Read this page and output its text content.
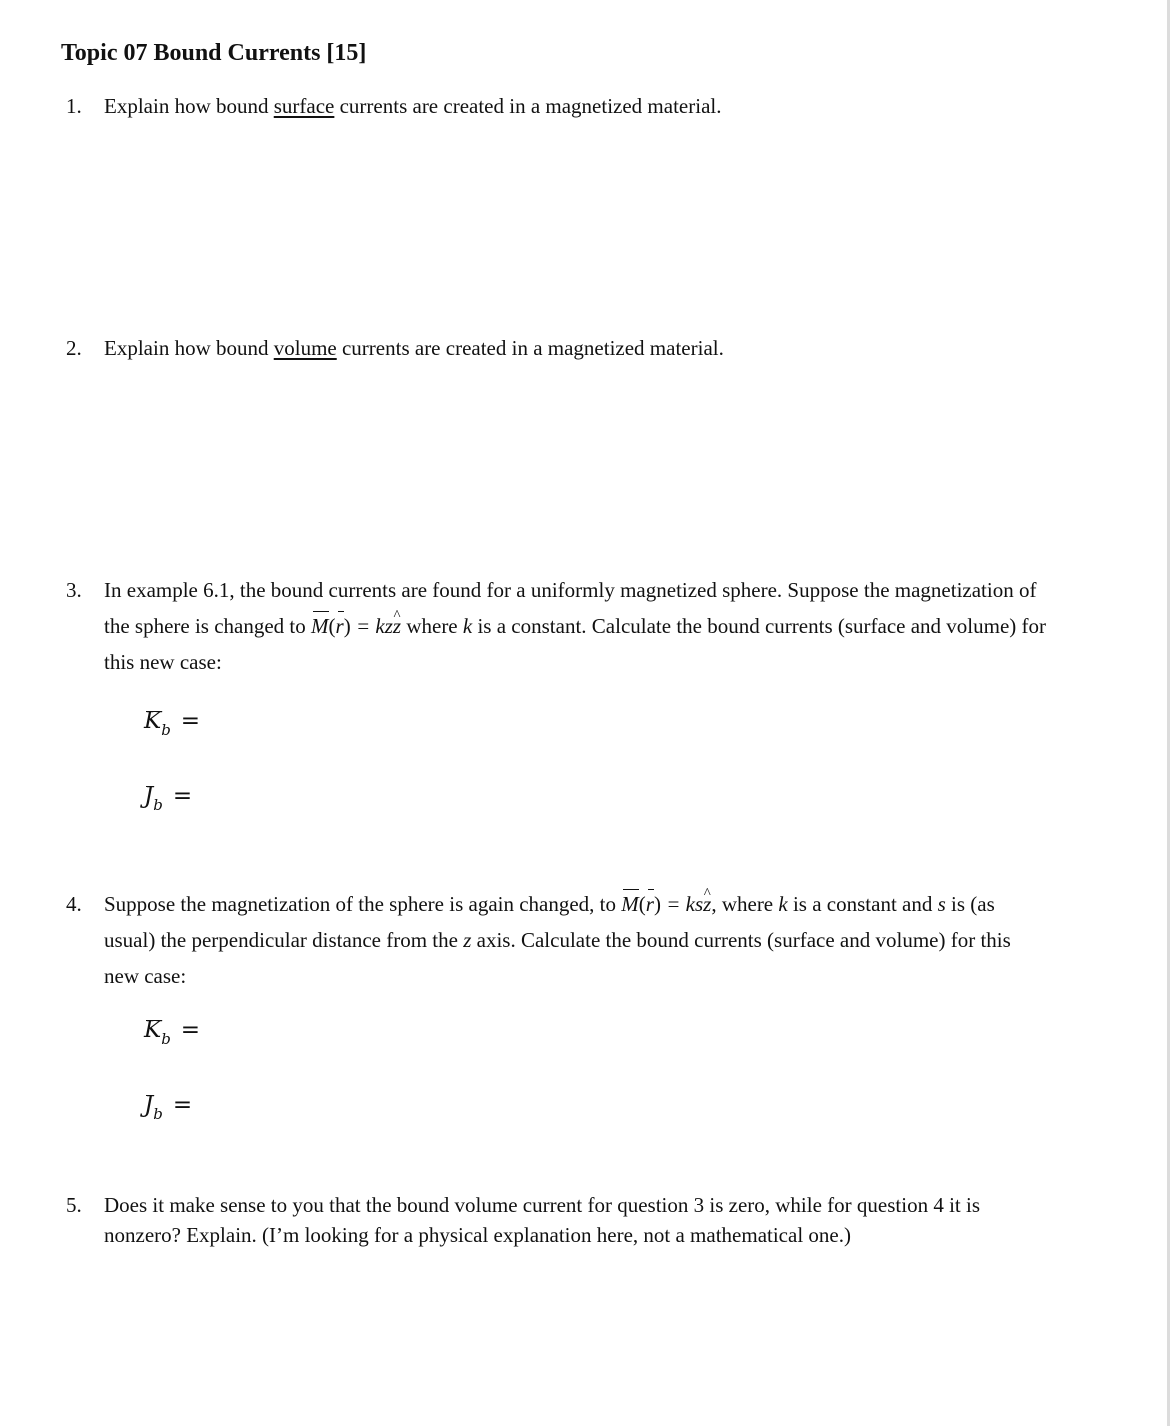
Topic 07 Bound Currents [15]
1. Explain how bound surface currents are created in a magnetized material.
2. Explain how bound volume currents are created in a magnetized material.
3. In example 6.1, the bound currents are found for a uniformly magnetized sphere. Suppose the magnetization of the sphere is changed to M(r) = kz^ z where k is a constant. Calculate the bound currents (surface and volume) for this new case:
$K_b$ =
$J_b$ =
4. Suppose the magnetization of the sphere is again changed, to M(r) = ks^ z, where k is a constant and s is (as usual) the perpendicular distance from the z axis. Calculate the bound currents (surface and volume) for this new case:
$K_b$ =
$J_b$ =
5. Does it make sense to you that the bound volume current for question 3 is zero, while for question 4 it is nonzero? Explain. (I’m looking for a physical explanation here, not a mathematical one.)
